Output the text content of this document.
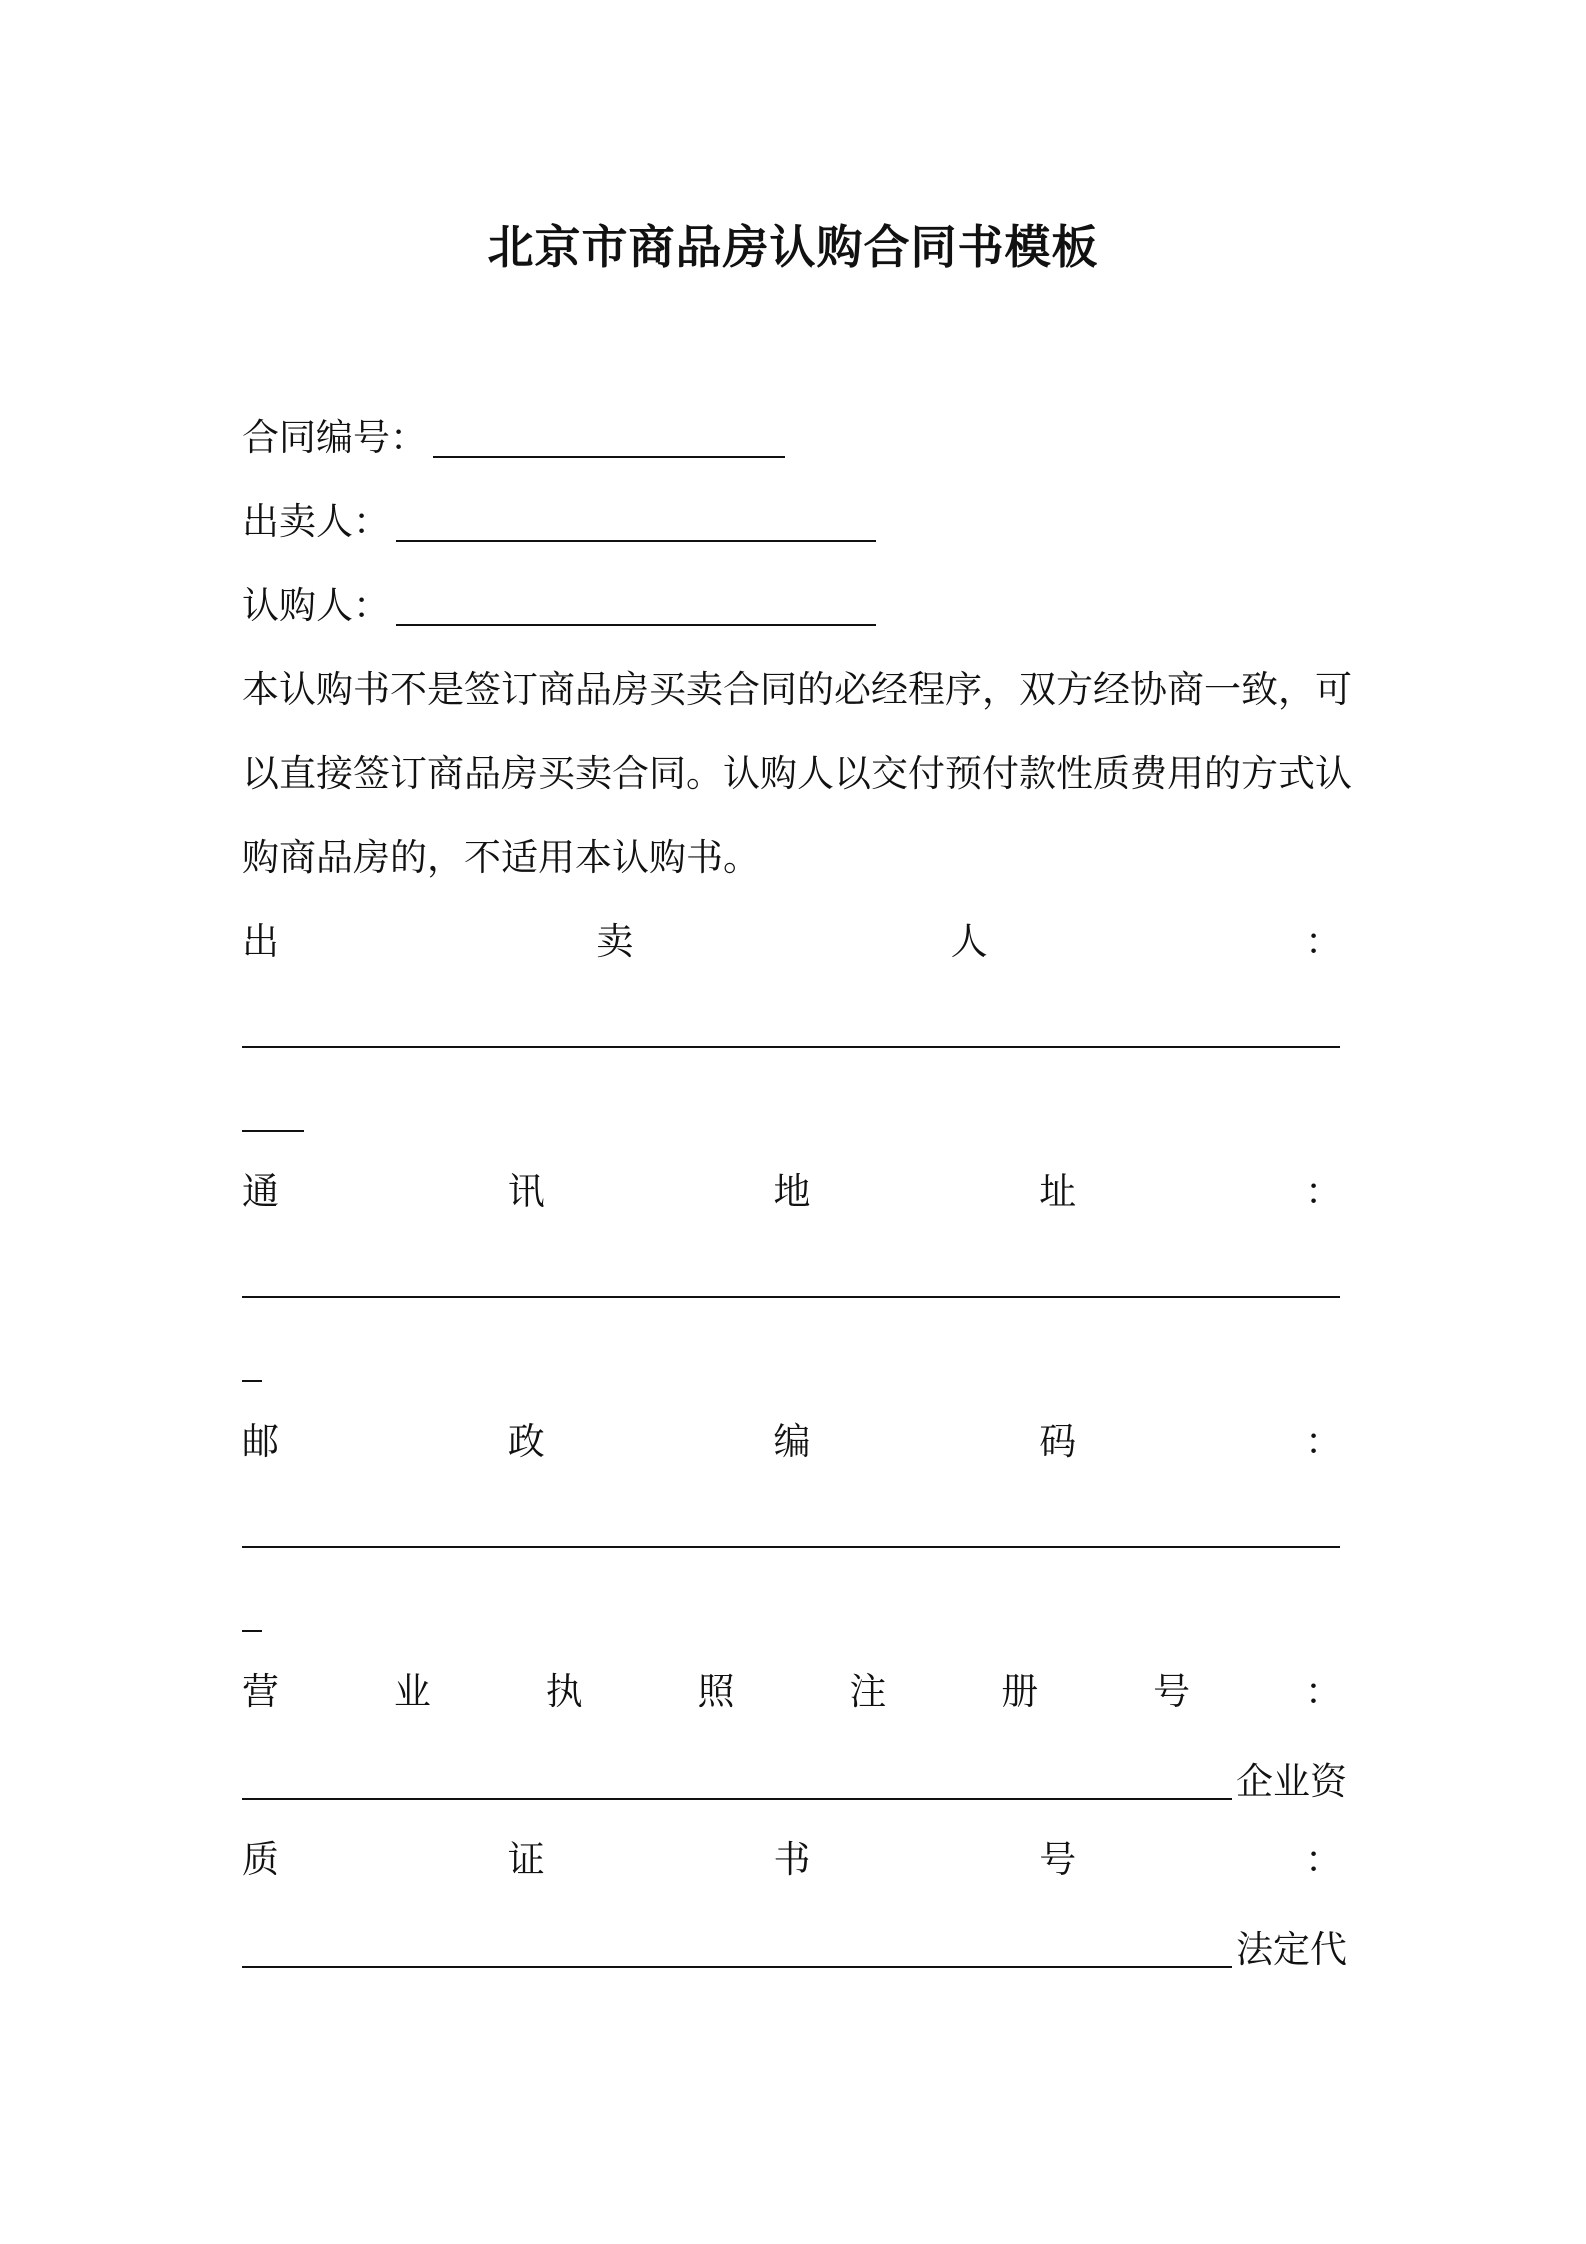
北京市商品房认购合同书模板
合同编号：
出卖人：
认购人：
本认购书不是签订商品房买卖合同的必经程序，双方经协商一致，可
以直接签订商品房买卖合同。认购人以交付预付款性质费用的方式认
购商品房的，不适用本认购书。
出	卖	人	：
通	讯	地	址	：
邮	政	编	码	：
营	业	执	照	注	册	号	：
企业资
质	证	书	号	：
法定代
